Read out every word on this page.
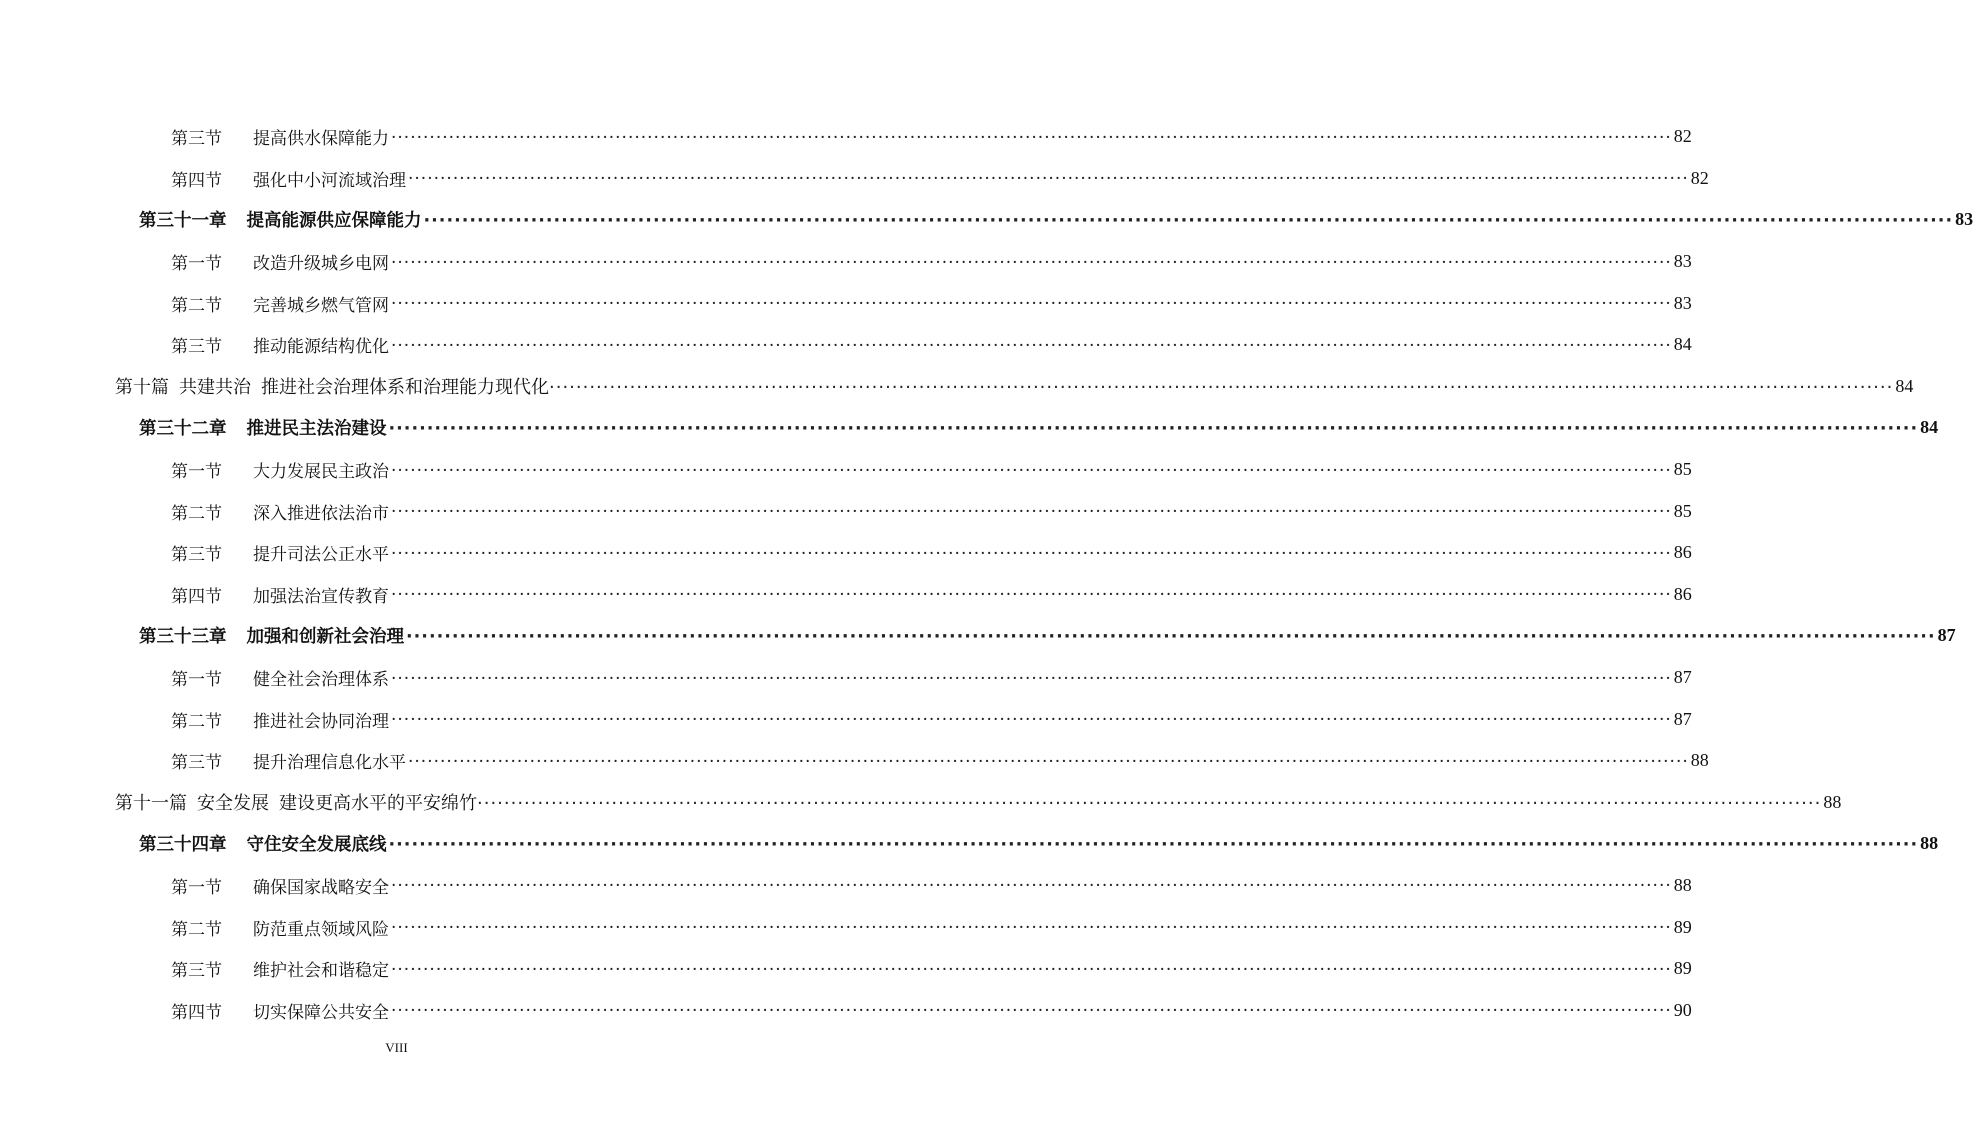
第三节	提高供水保障能力 ········································································································································································································ 82
第四节	强化中小河流域治理 ········································································································································································································ 82
第三十一章 提高能源供应保障能力 ········································································································································································································ 83
第一节	改造升级城乡电网 ········································································································································································································ 83
第二节	完善城乡燃气管网 ········································································································································································································ 83
第三节	推动能源结构优化 ········································································································································································································ 84
第十篇 共建共治 推进社会治理体系和治理能力现代化 ········································································································································································································ 84
第三十二章 推进民主法治建设 ········································································································································································································ 84
第一节	大力发展民主政治 ········································································································································································································ 85
第二节	深入推进依法治市 ········································································································································································································ 85
第三节	提升司法公正水平 ········································································································································································································ 86
第四节	加强法治宣传教育 ········································································································································································································ 86
第三十三章 加强和创新社会治理 ········································································································································································································ 87
第一节	健全社会治理体系 ········································································································································································································ 87
第二节	推进社会协同治理 ········································································································································································································ 87
第三节	提升治理信息化水平 ········································································································································································································ 88
第十一篇 安全发展 建设更高水平的平安绵竹 ········································································································································································································ 88
第三十四章 守住安全发展底线 ········································································································································································································ 88
第一节	确保国家战略安全 ········································································································································································································ 88
第二节	防范重点领域风险 ········································································································································································································ 89
第三节	维护社会和谐稳定 ········································································································································································································ 89
第四节	切实保障公共安全 ········································································································································································································ 90
VIII
